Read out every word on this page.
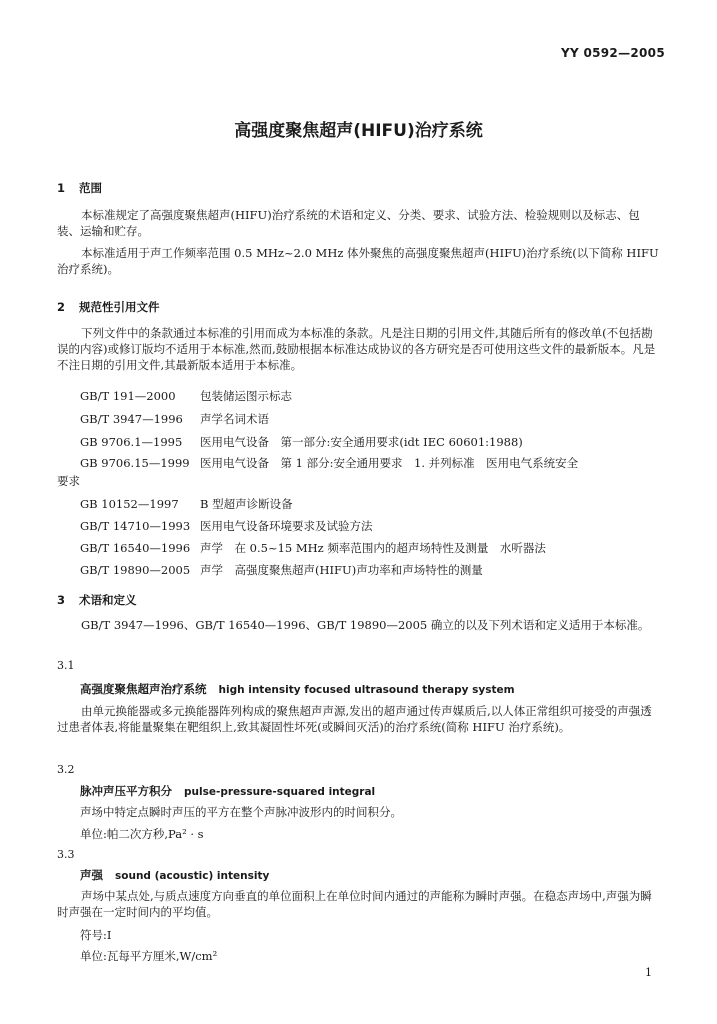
YY 0592—2005
高强度聚焦超声(HIFU)治疗系统
1 范围
本标准规定了高强度聚焦超声(HIFU)治疗系统的术语和定义、分类、要求、试验方法、检验规则以及标志、包装、运输和贮存。
本标准适用于声工作频率范围 0.5 MHz~2.0 MHz 体外聚焦的高强度聚焦超声(HIFU)治疗系统(以下简称 HIFU 治疗系统)。
2 规范性引用文件
下列文件中的条款通过本标准的引用而成为本标准的条款。凡是注日期的引用文件,其随后所有的修改单(不包括勘误的内容)或修订版均不适用于本标准,然而,鼓励根据本标准达成协议的各方研究是否可使用这些文件的最新版本。凡是不注日期的引用文件,其最新版本适用于本标准。
GB/T 191—2000 包装储运图示标志
GB/T 3947—1996 声学名词术语
GB 9706.1—1995 医用电气设备　第一部分:安全通用要求(idt IEC 60601:1988)
GB 9706.15—1999 医用电气设备　第 1 部分:安全通用要求　1. 并列标准　医用电气系统安全
要求
GB 10152—1997 B 型超声诊断设备
GB/T 14710—1993 医用电气设备环境要求及试验方法
GB/T 16540—1996 声学　在 0.5~15 MHz 频率范围内的超声场特性及测量　水听器法
GB/T 19890—2005 声学　高强度聚焦超声(HIFU)声功率和声场特性的测量
3 术语和定义
GB/T 3947—1996、GB/T 16540—1996、GB/T 19890—2005 确立的以及下列术语和定义适用于本标准。
3.1
高强度聚焦超声治疗系统 high intensity focused ultrasound therapy system
由单元换能器或多元换能器阵列构成的聚焦超声声源,发出的超声通过传声媒质后,以人体正常组织可接受的声强透过患者体表,将能量聚集在靶组织上,致其凝固性坏死(或瞬间灭活)的治疗系统(简称 HIFU 治疗系统)。
3.2
脉冲声压平方积分 pulse-pressure-squared integral
声场中特定点瞬时声压的平方在整个声脉冲波形内的时间积分。
单位:帕二次方秒,Pa² · s
3.3
声强 sound (acoustic) intensity
声场中某点处,与质点速度方向垂直的单位面积上在单位时间内通过的声能称为瞬时声强。在稳态声场中,声强为瞬时声强在一定时间内的平均值。
符号:I
单位:瓦每平方厘米,W/cm²
1
